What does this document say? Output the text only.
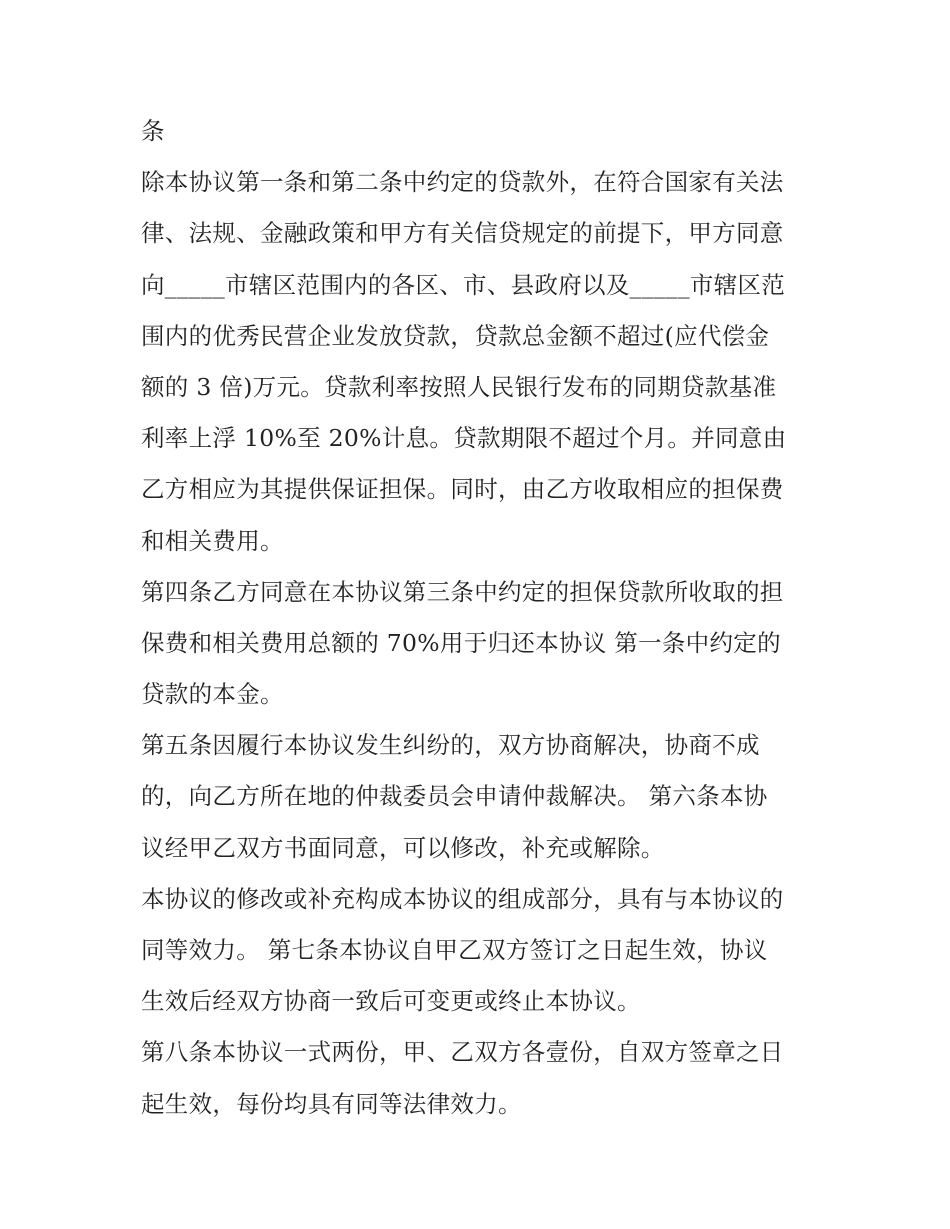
条
除本协议第一条和第二条中约定的贷款外，在符合国家有关法
律、法规、金融政策和甲方有关信贷规定的前提下，甲方同意
向_____市辖区范围内的各区、市、县政府以及_____市辖区范
围内的优秀民营企业发放贷款，贷款总金额不超过(应代偿金
额的 3 倍)万元。贷款利率按照人民银行发布的同期贷款基准
利率上浮 10%至 20%计息。贷款期限不超过个月。并同意由
乙方相应为其提供保证担保。同时，由乙方收取相应的担保费
和相关费用。
第四条乙方同意在本协议第三条中约定的担保贷款所收取的担
保费和相关费用总额的 70%用于归还本协议 第一条中约定的
贷款的本金。
第五条因履行本协议发生纠纷的，双方协商解决，协商不成
的，向乙方所在地的仲裁委员会申请仲裁解决。 第六条本协
议经甲乙双方书面同意，可以修改，补充或解除。
本协议的修改或补充构成本协议的组成部分，具有与本协议的
同等效力。 第七条本协议自甲乙双方签订之日起生效，协议
生效后经双方协商一致后可变更或终止本协议。
第八条本协议一式两份，甲、乙双方各壹份，自双方签章之日
起生效，每份均具有同等法律效力。
